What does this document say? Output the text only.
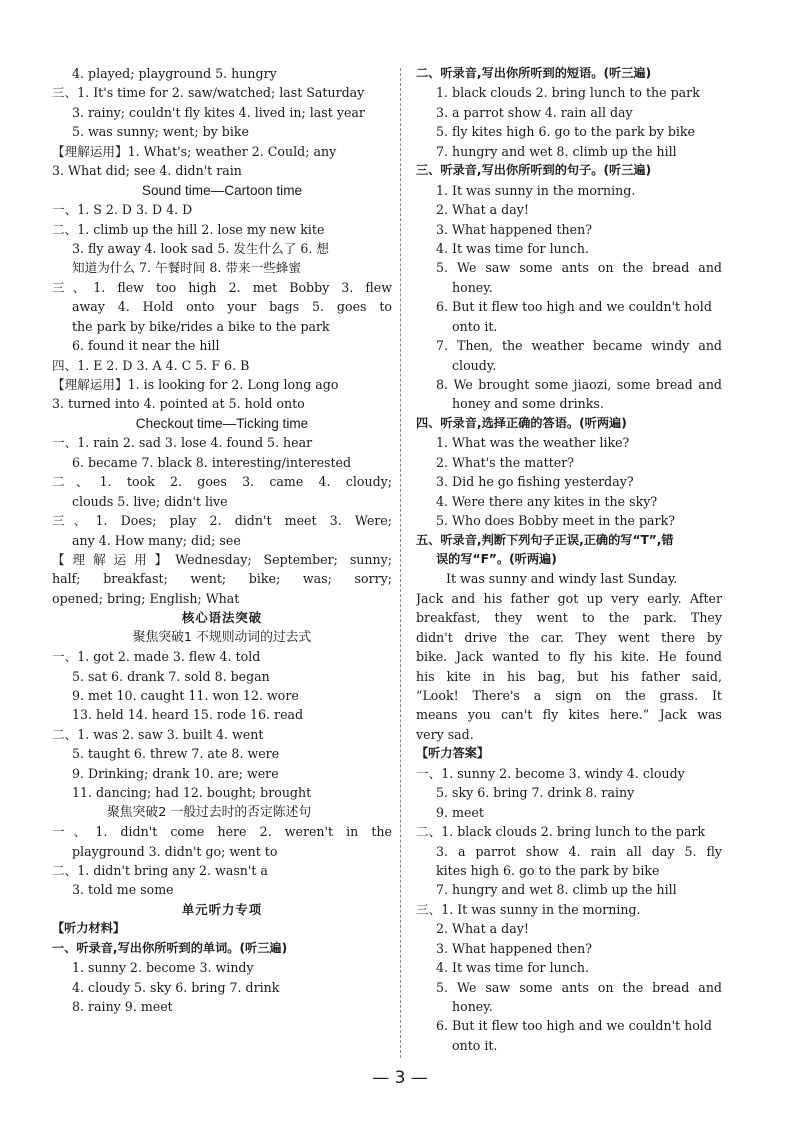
4. played; playground 5. hungry
三、1. It's time for 2. saw/watched; last Saturday
3. rainy; couldn't fly kites 4. lived in; last year
5. was sunny; went; by bike
【理解运用】1. What's; weather 2. Could; any
3. What did; see 4. didn't rain
Sound time—Cartoon time
一、1. S 2. D 3. D 4. D
二、1. climb up the hill 2. lose my new kite
3. fly away 4. look sad 5. 发生什么了 6. 想
知道为什么 7. 午餐时间 8. 带来一些蜂蜜
三、1. flew too high 2. met Bobby 3. flew
away 4. Hold onto your bags 5. goes to
the park by bike/rides a bike to the park
6. found it near the hill
四、1. E 2. D 3. A 4. C 5. F 6. B
【理解运用】1. is looking for 2. Long long ago
3. turned into 4. pointed at 5. hold onto
Checkout time—Ticking time
一、1. rain 2. sad 3. lose 4. found 5. hear
6. became 7. black 8. interesting/interested
二、1. took 2. goes 3. came 4. cloudy;
clouds 5. live; didn't live
三、1. Does; play 2. didn't meet 3. Were;
any 4. How many; did; see
【理解运用】Wednesday; September; sunny;
half; breakfast; went; bike; was; sorry;
opened; bring; English; What
核心语法突破
聚焦突破1 不规则动词的过去式
一、1. got 2. made 3. flew 4. told
5. sat 6. drank 7. sold 8. began
9. met 10. caught 11. won 12. wore
13. held 14. heard 15. rode 16. read
二、1. was 2. saw 3. built 4. went
5. taught 6. threw 7. ate 8. were
9. Drinking; drank 10. are; were
11. dancing; had 12. bought; brought
聚焦突破2 一般过去时的否定陈述句
一、1. didn't come here 2. weren't in the
playground 3. didn't go; went to
二、1. didn't bring any 2. wasn't a
3. told me some
单元听力专项
【听力材料】
一、听录音,写出你所听到的单词。(听三遍)
1. sunny 2. become 3. windy
4. cloudy 5. sky 6. bring 7. drink
8. rainy 9. meet
二、听录音,写出你所听到的短语。(听三遍)
1. black clouds 2. bring lunch to the park
3. a parrot show 4. rain all day
5. fly kites high 6. go to the park by bike
7. hungry and wet 8. climb up the hill
三、听录音,写出你所听到的句子。(听三遍)
1. It was sunny in the morning.
2. What a day!
3. What happened then?
4. It was time for lunch.
5. We saw some ants on the bread and
honey.
6. But it flew too high and we couldn't hold
onto it.
7. Then, the weather became windy and
cloudy.
8. We brought some jiaozi, some bread and
honey and some drinks.
四、听录音,选择正确的答语。(听两遍)
1. What was the weather like?
2. What's the matter?
3. Did he go fishing yesterday?
4. Were there any kites in the sky?
5. Who does Bobby meet in the park?
五、听录音,判断下列句子正误,正确的写“T”,错
误的写“F”。(听两遍)
It was sunny and windy last Sunday.
Jack and his father got up very early. After
breakfast, they went to the park. They
didn't drive the car. They went there by
bike. Jack wanted to fly his kite. He found
his kite in his bag, but his father said,
“Look! There's a sign on the grass. It
means you can't fly kites here.” Jack was
very sad.
【听力答案】
一、1. sunny 2. become 3. windy 4. cloudy
5. sky 6. bring 7. drink 8. rainy
9. meet
二、1. black clouds 2. bring lunch to the park
3. a parrot show 4. rain all day 5. fly
kites high 6. go to the park by bike
7. hungry and wet 8. climb up the hill
三、1. It was sunny in the morning.
2. What a day!
3. What happened then?
4. It was time for lunch.
5. We saw some ants on the bread and
honey.
6. But it flew too high and we couldn't hold
onto it.
— 3 —
